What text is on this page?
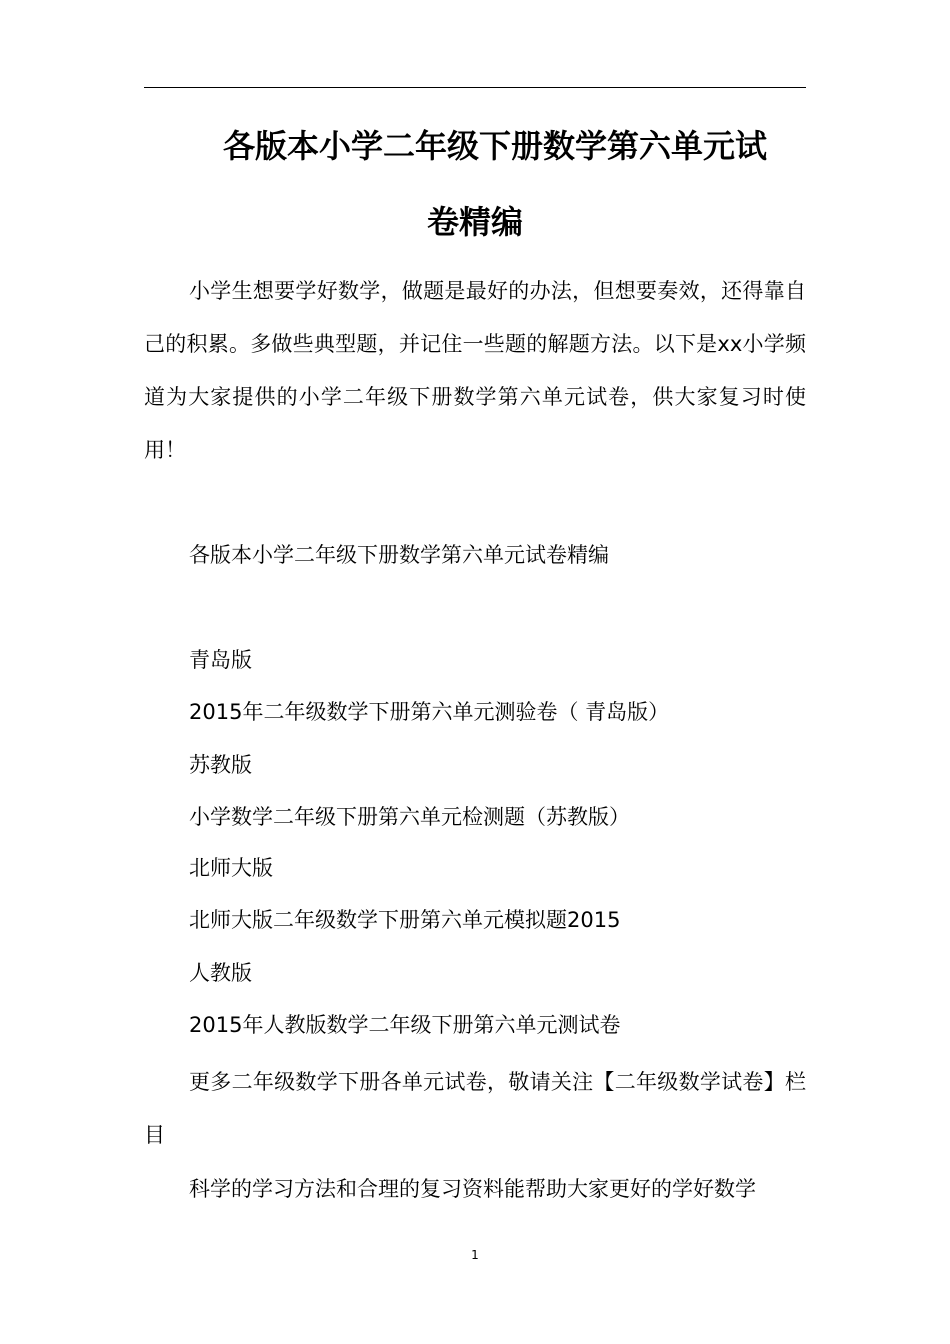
各版本小学二年级下册数学第六单元试
卷精编
小学生想要学好数学，做题是最好的办法，但想要奏效，还得靠自己的积累。多做些典型题，并记住一些题的解题方法。以下是xx小学频道为大家提供的小学二年级下册数学第六单元试卷，供大家复习时使用！
各版本小学二年级下册数学第六单元试卷精编
青岛版
2015年二年级数学下册第六单元测验卷（ 青岛版）
苏教版
小学数学二年级下册第六单元检测题（苏教版）
北师大版
北师大版二年级数学下册第六单元模拟题2015
人教版
2015年人教版数学二年级下册第六单元测试卷
更多二年级数学下册各单元试卷，敬请关注【二年级数学试卷】栏目
科学的学习方法和合理的复习资料能帮助大家更好的学好数学
1
